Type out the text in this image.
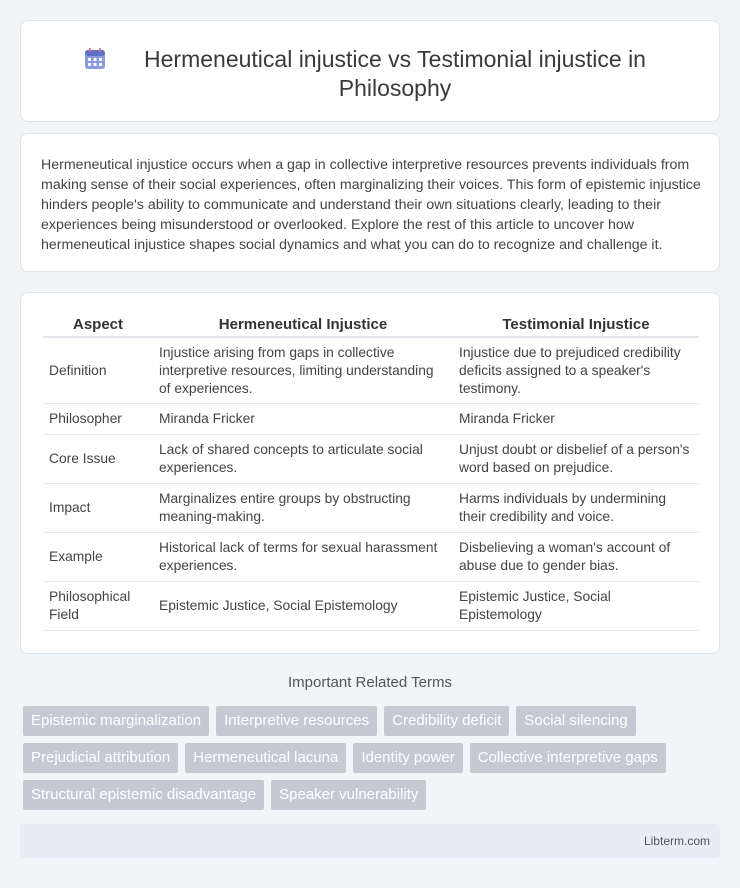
Hermeneutical injustice vs Testimonial injustice in Philosophy

Hermeneutical injustice occurs when a gap in collective interpretive resources prevents individuals from making sense of their social experiences, often marginalizing their voices. This form of epistemic injustice hinders people's ability to communicate and understand their own situations clearly, leading to their experiences being misunderstood or overlooked. Explore the rest of this article to uncover how hermeneutical injustice shapes social dynamics and what you can do to recognize and challenge it.

Aspect	Hermeneutical Injustice	Testimonial Injustice
Definition	Injustice arising from gaps in collective interpretive resources, limiting understanding of experiences.	Injustice due to prejudiced credibility deficits assigned to a speaker's testimony.
Philosopher	Miranda Fricker	Miranda Fricker
Core Issue	Lack of shared concepts to articulate social experiences.	Unjust doubt or disbelief of a person's word based on prejudice.
Impact	Marginalizes entire groups by obstructing meaning-making.	Harms individuals by undermining their credibility and voice.
Example	Historical lack of terms for sexual harassment experiences.	Disbelieving a woman's account of abuse due to gender bias.
Philosophical Field	Epistemic Justice, Social Epistemology	Epistemic Justice, Social Epistemology
Important Related Terms
Epistemic marginalization	Interpretive resources	Credibility deficit	Social silencing
Prejudicial attribution	Hermeneutical lacuna	Identity power	Collective interpretive gaps
Structural epistemic disadvantage	Speaker vulnerability
Libterm.com
